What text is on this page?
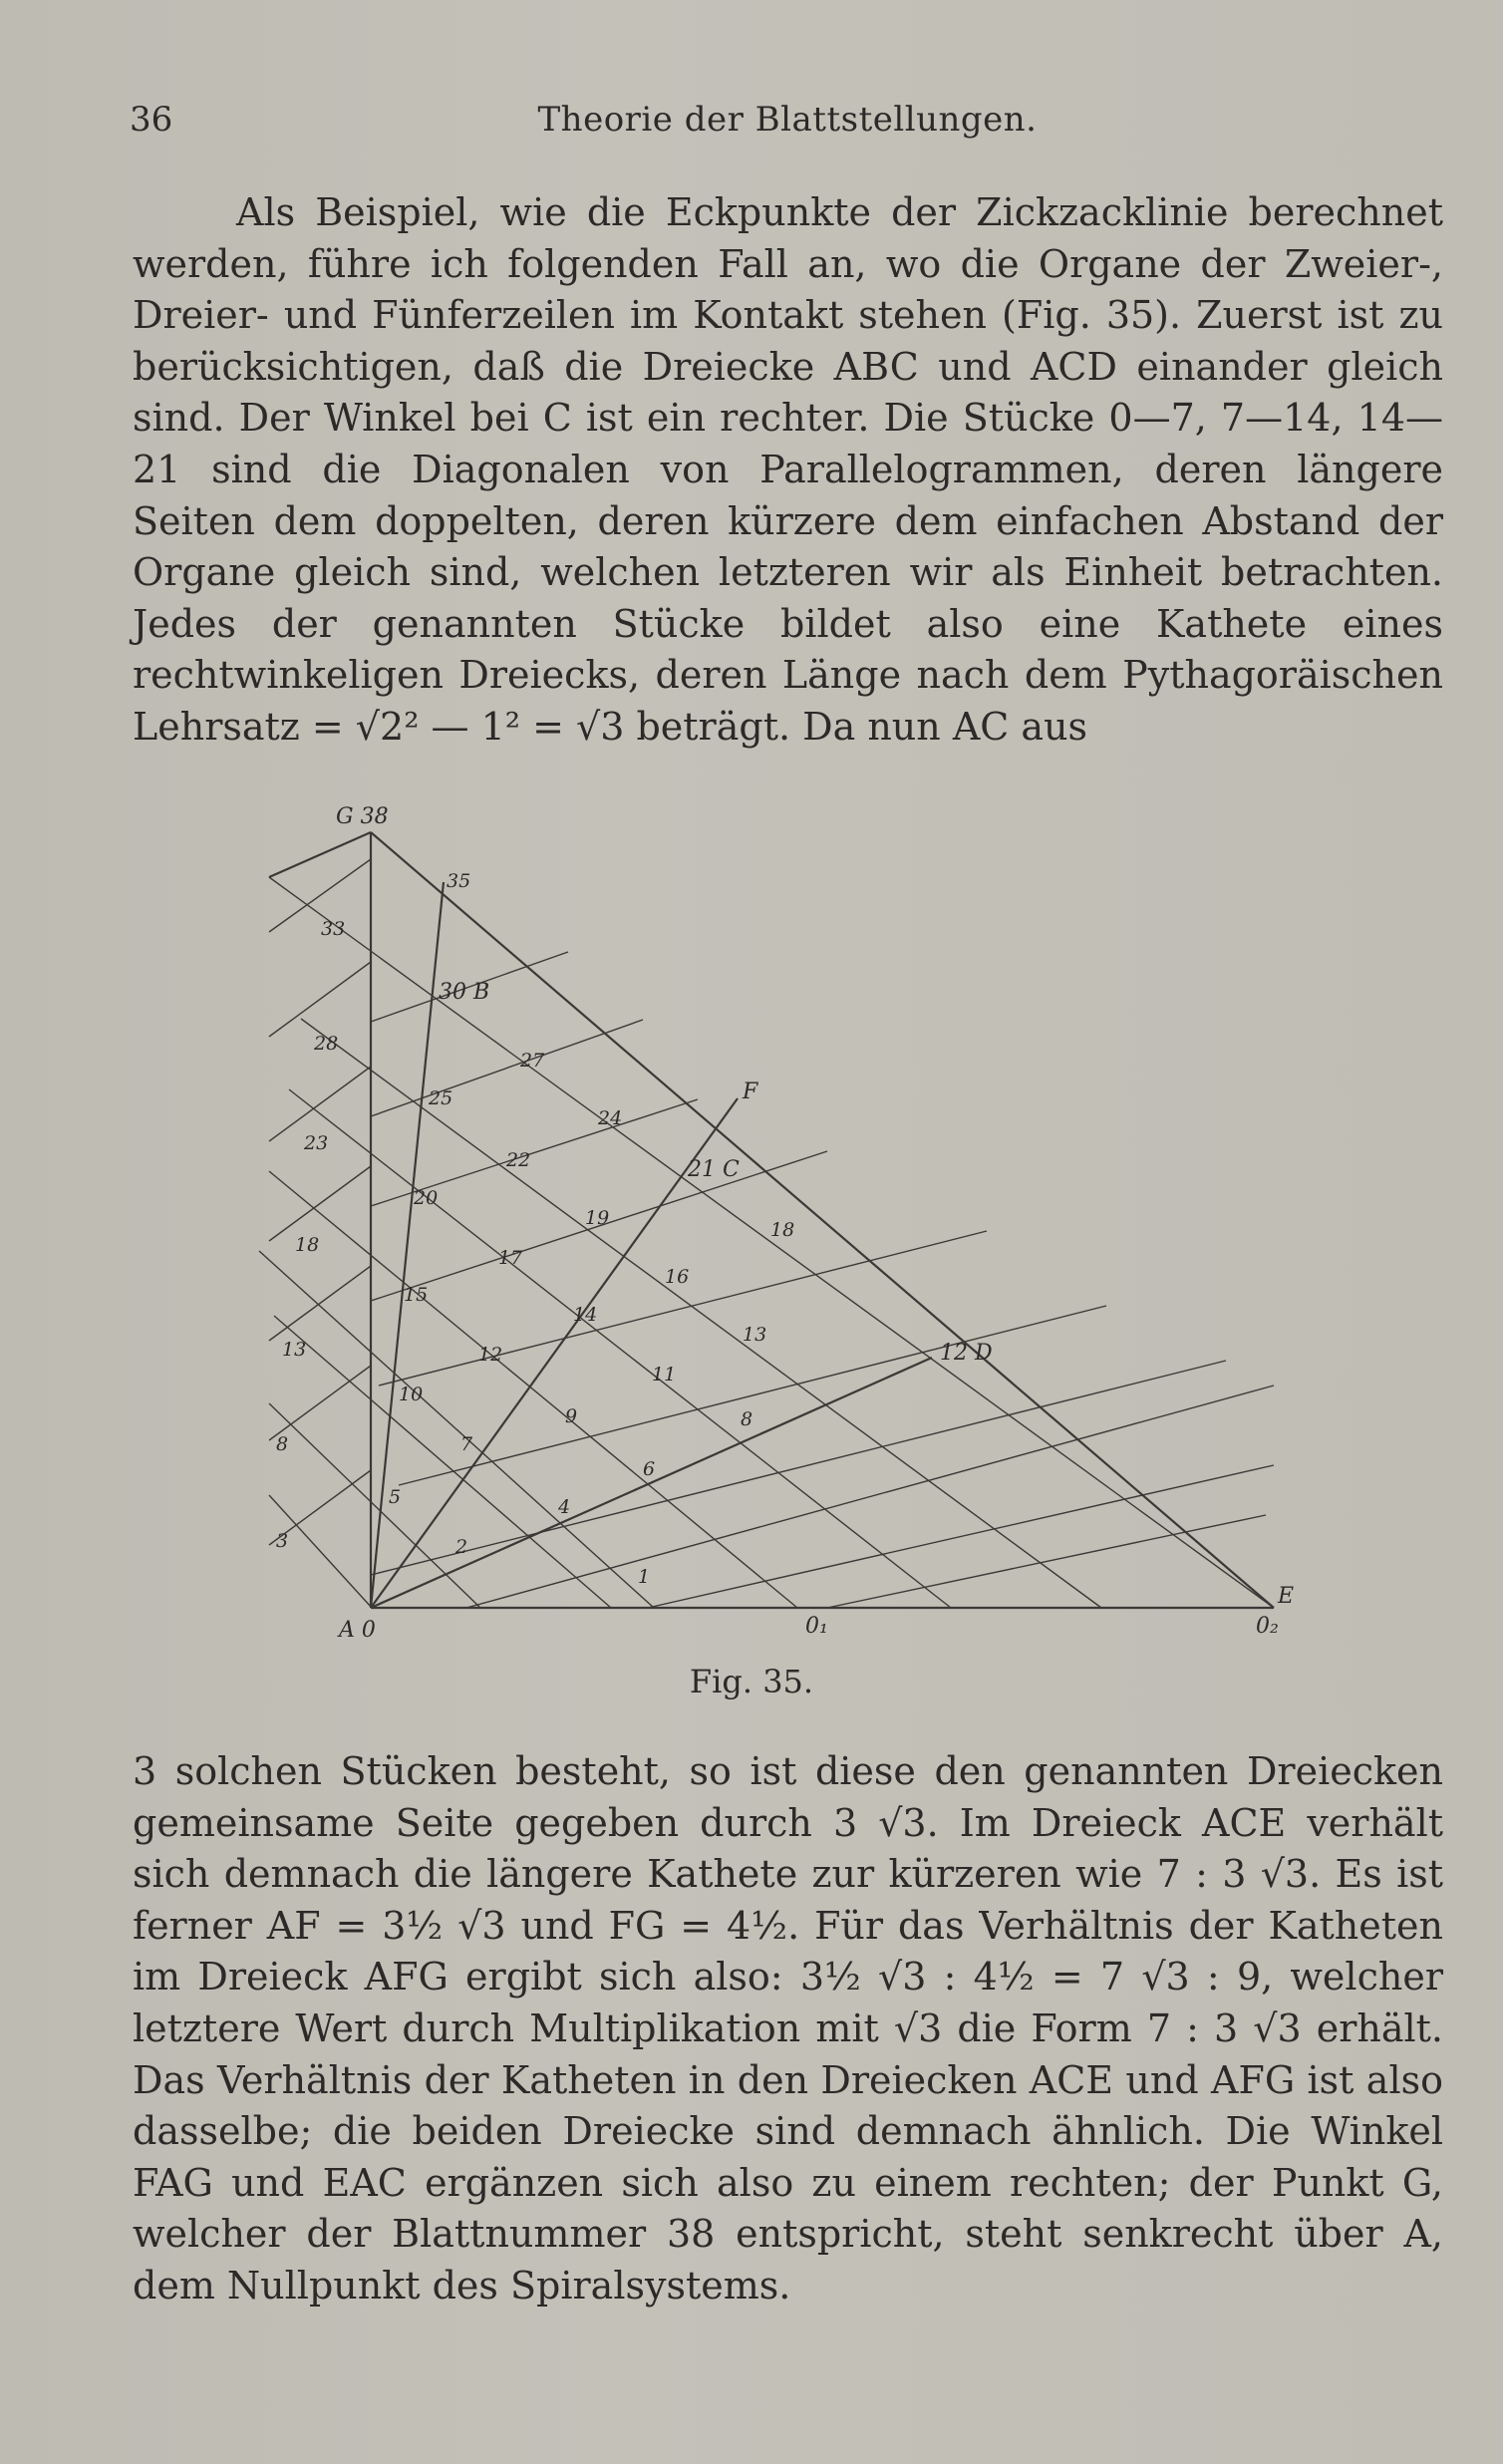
36	Theorie der Blattstellungen.

Als Beispiel, wie die Eckpunkte der Zickzacklinie berechnet werden, führe ich folgenden Fall an, wo die Organe der Zweier-, Dreier- und Fünferzeilen im Kontakt stehen (Fig. 35). Zuerst ist zu berücksichtigen, daß die Dreiecke ABC und ACD einander gleich sind. Der Winkel bei C ist ein rechter. Die Stücke 0—7, 7—14, 14—21 sind die Diagonalen von Parallelogrammen, deren längere Seiten dem doppelten, deren kürzere dem einfachen Abstand der Organe gleich sind, welchen letzteren wir als Einheit betrachten. Jedes der genannten Stücke bildet also eine Kathete eines rechtwinkeligen Dreiecks, deren Länge nach dem Pythagoräischen Lehrsatz = √2² — 1² = √3 beträgt. Da nun AC aus

3
8
13
18
23
28
33
1
2
4
5
6
7
8
9
10
11
12
13
14
15
16
17
18
19
20
22
24
25
27
35
G 38
A 0
30 B
21 C
12 D
E
F
0₁	0₂
Fig. 35.

3 solchen Stücken besteht, so ist diese den genannten Dreiecken gemeinsame Seite gegeben durch 3 √3. Im Dreieck ACE verhält sich demnach die längere Kathete zur kürzeren wie 7 : 3 √3. Es ist ferner AF = 3½ √3 und FG = 4½. Für das Verhältnis der Katheten im Dreieck AFG ergibt sich also: 3½ √3 : 4½ = 7 √3 : 9, welcher letztere Wert durch Multiplikation mit √3 die Form 7 : 3 √3 erhält. Das Verhältnis der Katheten in den Dreiecken ACE und AFG ist also dasselbe; die beiden Dreiecke sind demnach ähnlich. Die Winkel FAG und EAC ergänzen sich also zu einem rechten; der Punkt G, welcher der Blattnummer 38 entspricht, steht senkrecht über A, dem Nullpunkt des Spiralsystems.
